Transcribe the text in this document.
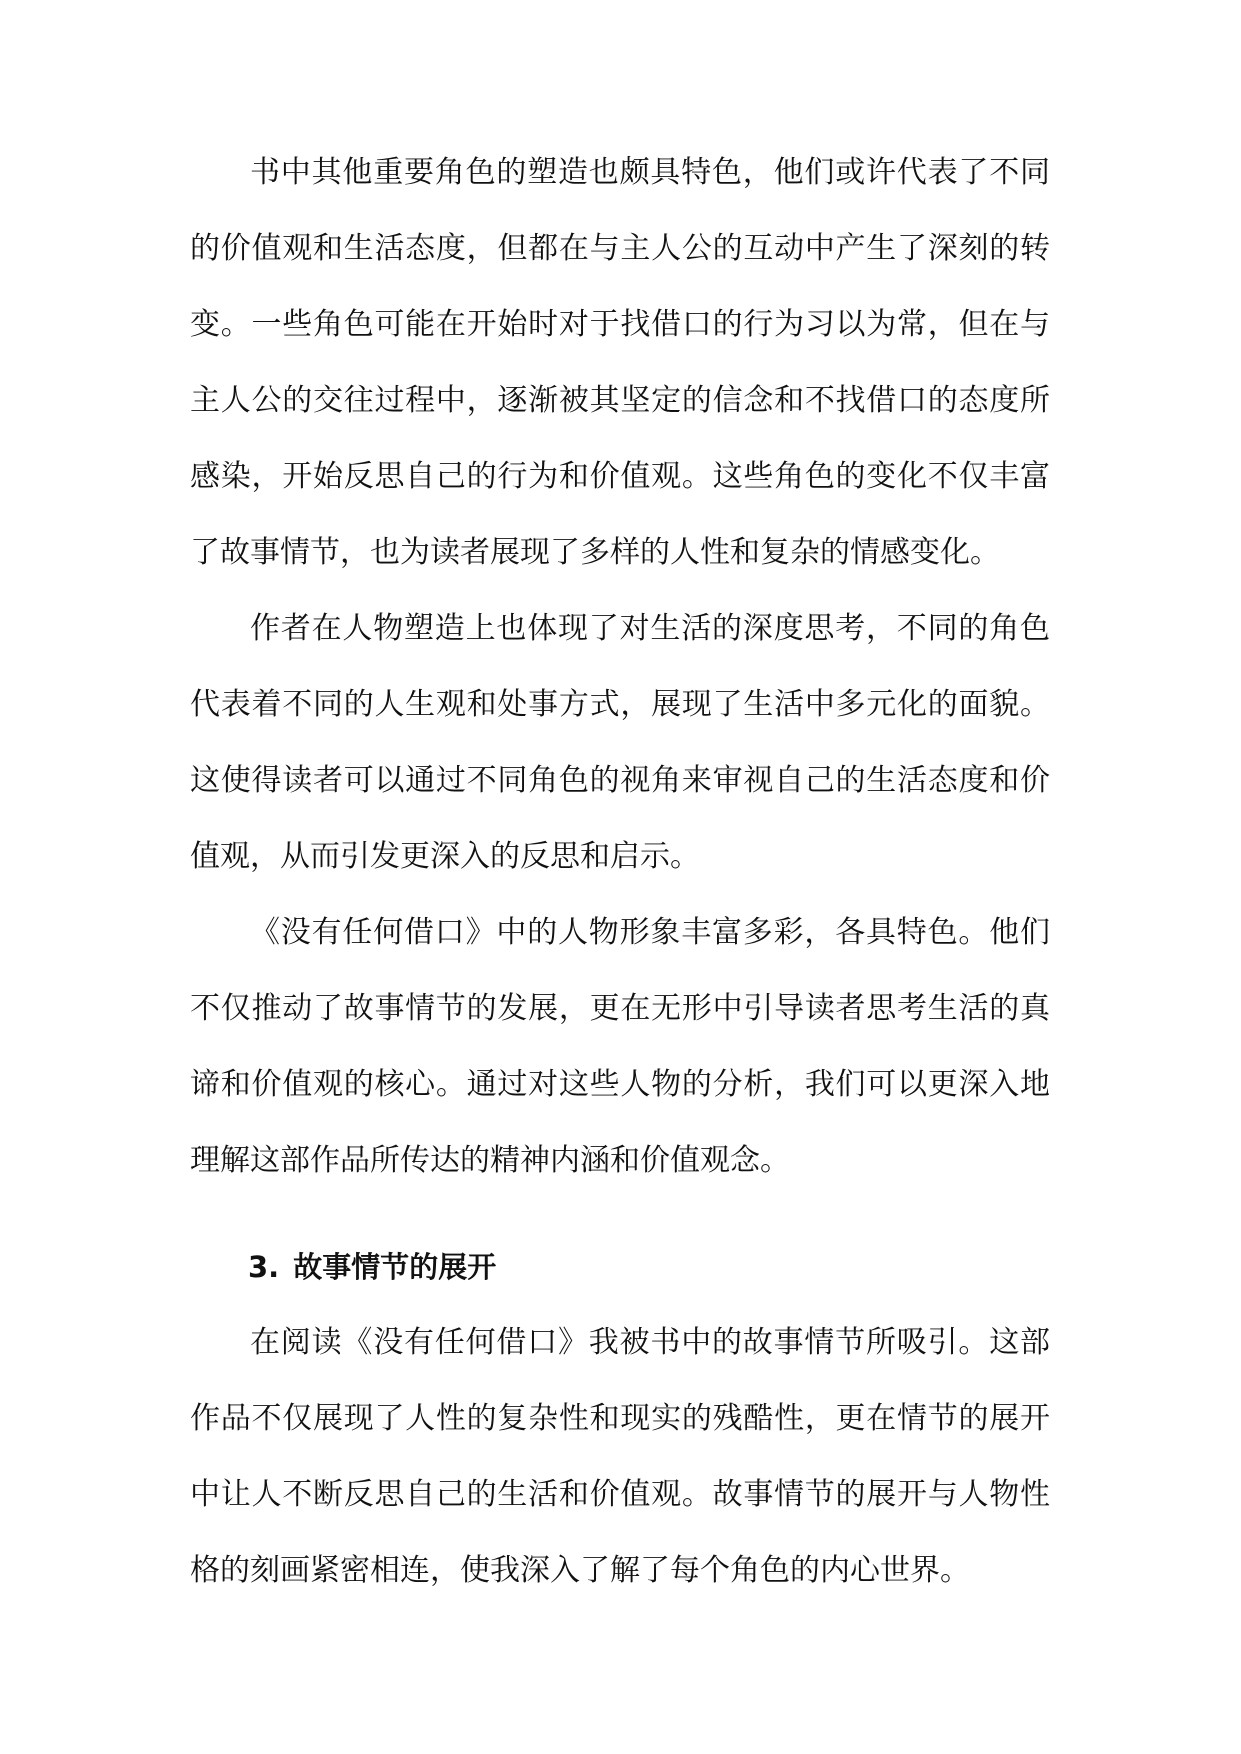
书中其他重要角色的塑造也颇具特色，他们或许代表了不同的价值观和生活态度，但都在与主人公的互动中产生了深刻的转变。一些角色可能在开始时对于找借口的行为习以为常，但在与主人公的交往过程中，逐渐被其坚定的信念和不找借口的态度所感染，开始反思自己的行为和价值观。这些角色的变化不仅丰富了故事情节，也为读者展现了多样的人性和复杂的情感变化。

作者在人物塑造上也体现了对生活的深度思考，不同的角色代表着不同的人生观和处事方式，展现了生活中多元化的面貌。这使得读者可以通过不同角色的视角来审视自己的生活态度和价值观，从而引发更深入的反思和启示。

《没有任何借口》中的人物形象丰富多彩，各具特色。他们不仅推动了故事情节的发展，更在无形中引导读者思考生活的真谛和价值观的核心。通过对这些人物的分析，我们可以更深入地理解这部作品所传达的精神内涵和价值观念。

3. 故事情节的展开

在阅读《没有任何借口》我被书中的故事情节所吸引。这部作品不仅展现了人性的复杂性和现实的残酷性，更在情节的展开中让人不断反思自己的生活和价值观。故事情节的展开与人物性格的刻画紧密相连，使我深入了解了每个角色的内心世界。
